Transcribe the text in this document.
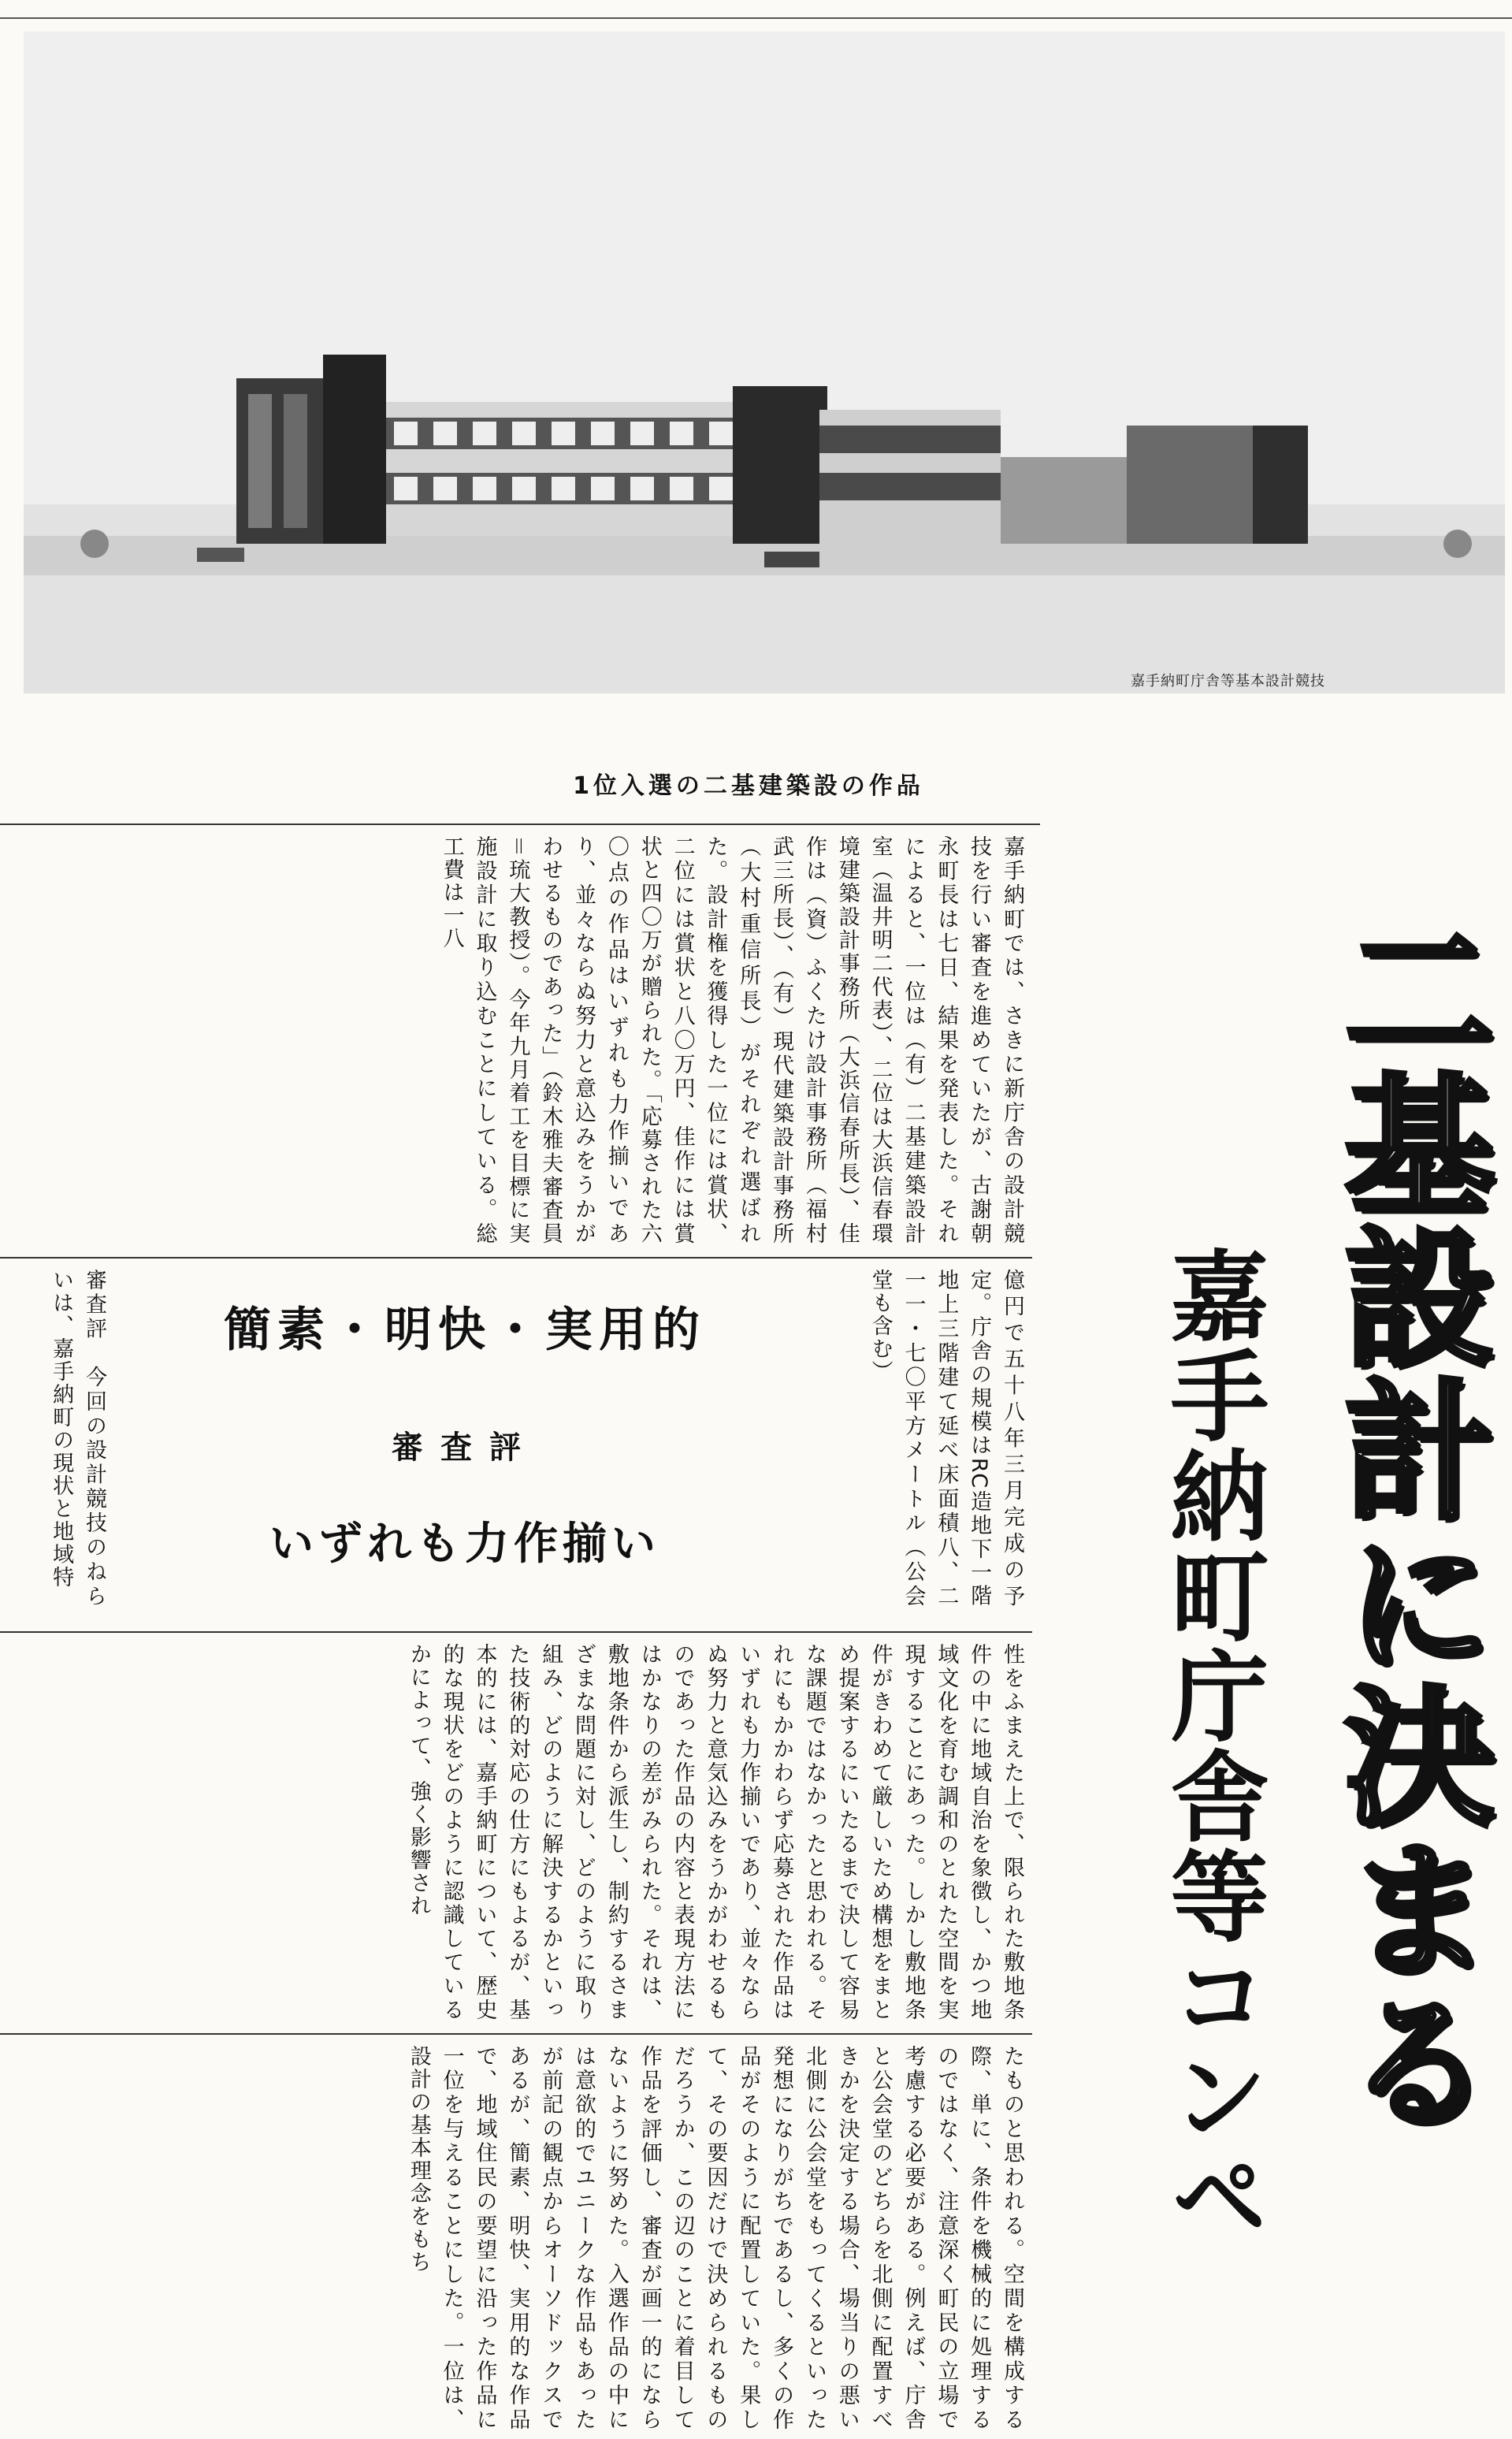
嘉手納町庁舎等基本設計競技
1位入選の二基建築設の作品
二基設計に決まる
嘉手納町庁舎等コンペ
嘉手納町では、さきに新庁舎の設計競技を行い審査を進めていたが、古謝朝永町長は七日、結果を発表した。それによると、一位は（有）二基建築設計室（温井明二代表）、二位は大浜信春環境建築設計事務所（大浜信春所長）、佳作は（資）ふくたけ設計事務所（福村武三所長）、（有）現代建築設計事務所（大村重信所長）がそれぞれ選ばれた。設計権を獲得した一位には賞状、二位には賞状と八〇万円、佳作には賞状と四〇万が贈られた。「応募された六〇点の作品はいずれも力作揃いであり、並々ならぬ努力と意込みをうかがわせるものであった」（鈴木雅夫審査員＝琉大教授）。今年九月着工を目標に実施設計に取り込むことにしている。総工費は一八
億円で五十八年三月完成の予定。庁舎の規模はRC造地下一階地上三階建て延べ床面積八、二一一・七〇平方メートル（公会堂も含む）
簡素・明快・実用的
審査評
いずれも力作揃い
審査評　今回の設計競技のねらいは、嘉手納町の現状と地域特
性をふまえた上で、限られた敷地条件の中に地域自治を象徴し、かつ地域文化を育む調和のとれた空間を実現することにあった。しかし敷地条件がきわめて厳しいため構想をまとめ提案するにいたるまで決して容易な課題ではなかったと思われる。それにもかかわらず応募された作品はいずれも力作揃いであり、並々ならぬ努力と意気込みをうかがわせるものであった作品の内容と表現方法にはかなりの差がみられた。それは、敷地条件から派生し、制約するさまざまな問題に対し、どのように取り組み、どのように解決するかといった技術的対応の仕方にもよるが、基本的には、嘉手納町について、歴史的な現状をどのように認識しているかによって、強く影響され
たものと思われる。空間を構成する際、単に、条件を機械的に処理するのではなく、注意深く町民の立場で考慮する必要がある。例えば、庁舎と公会堂のどちらを北側に配置すべきかを決定する場合、場当りの悪い北側に公会堂をもってくるといった発想になりがちであるし、多くの作品がそのように配置していた。果して、その要因だけで決められるものだろうか、この辺のことに着目して作品を評価し、審査が画一的にならないように努めた。入選作品の中には意欲的でユニークな作品もあったが前記の観点からオーソドックスであるが、簡素、明快、実用的な作品で、地域住民の要望に沿った作品に一位を与えることにした。一位は、設計の基本理念をもち
